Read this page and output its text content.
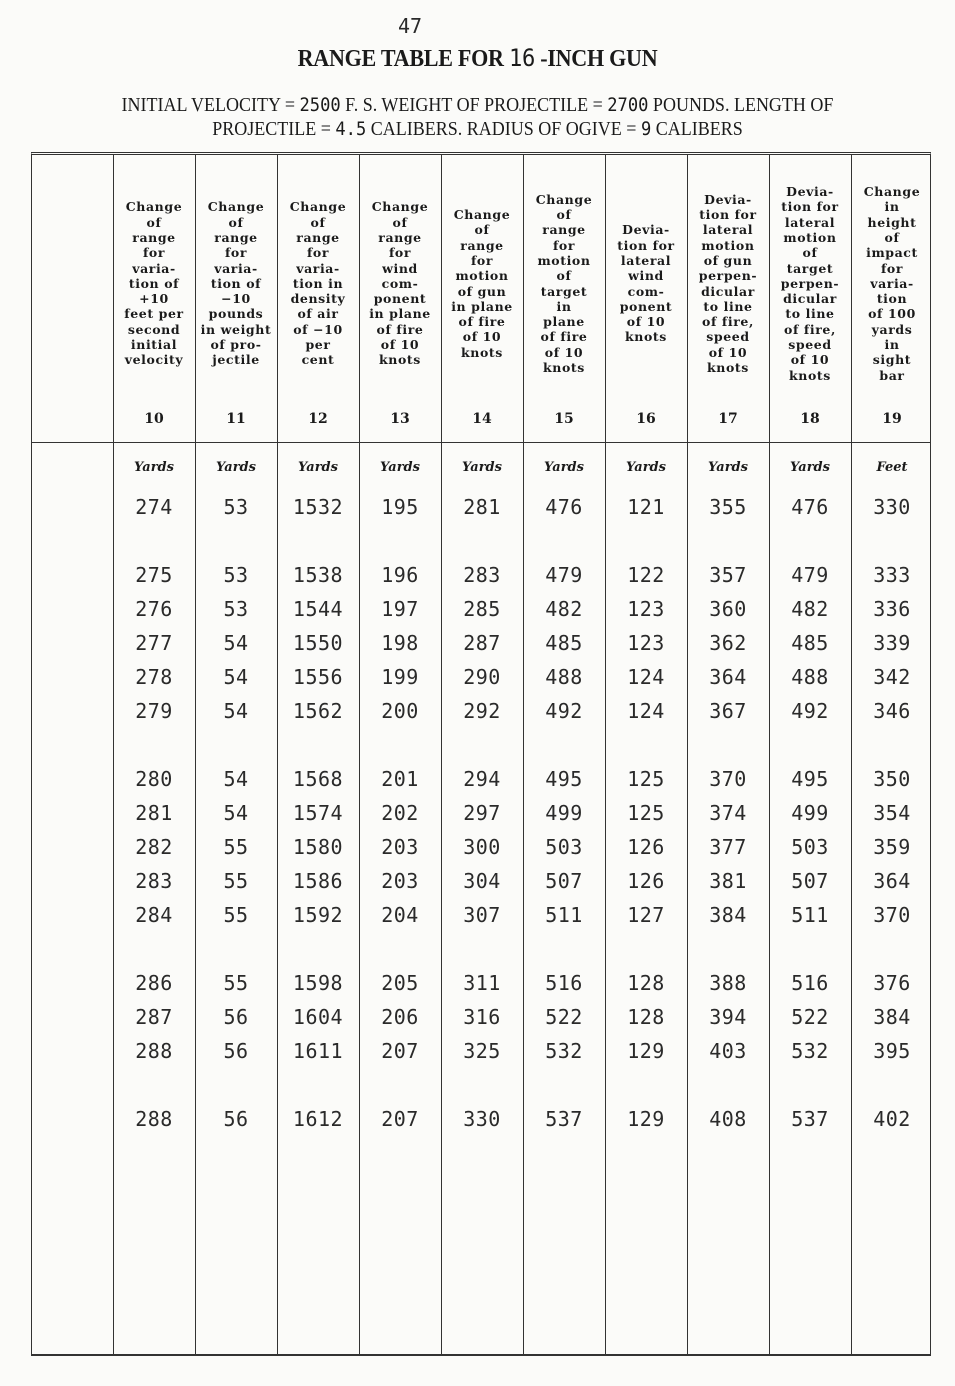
47
RANGE TABLE FOR 16 -INCH GUN
INITIAL VELOCITY = 2500 F. S. WEIGHT OF PROJECTILE = 2700 POUNDS. LENGTH OF
PROJECTILE = 4.5 CALIBERS. RADIUS OF OGIVE = 9 CALIBERS
Change
of
range
for
varia-
tion of
+10
feet per
second
initial
velocity
10
Yards
274
275
276
277
278
279
280
281
282
283
284
286
287
288
288
Change
of
range
for
varia-
tion of
−10
pounds
in weight
of pro-
jectile
11
Yards
53
53
53
54
54
54
54
54
55
55
55
55
56
56
56
Change
of
range
for
varia-
tion in
density
of air
of −10
per
cent
12
Yards
1532
1538
1544
1550
1556
1562
1568
1574
1580
1586
1592
1598
1604
1611
1612
Change
of
range
for
wind
com-
ponent
in plane
of fire
of 10
knots
13
Yards
195
196
197
198
199
200
201
202
203
203
204
205
206
207
207
Change
of
range
for
motion
of gun
in plane
of fire
of 10
knots
14
Yards
281
283
285
287
290
292
294
297
300
304
307
311
316
325
330
Change
of
range
for
motion
of
target
in
plane
of fire
of 10
knots
15
Yards
476
479
482
485
488
492
495
499
503
507
511
516
522
532
537
Devia-
tion for
lateral
wind
com-
ponent
of 10
knots
16
Yards
121
122
123
123
124
124
125
125
126
126
127
128
128
129
129
Devia-
tion for
lateral
motion
of gun
perpen-
dicular
to line
of fire,
speed
of 10
knots
17
Yards
355
357
360
362
364
367
370
374
377
381
384
388
394
403
408
Devia-
tion for
lateral
motion
of
target
perpen-
dicular
to line
of fire,
speed
of 10
knots
18
Yards
476
479
482
485
488
492
495
499
503
507
511
516
522
532
537
Change
in
height
of
impact
for
varia-
tion
of 100
yards
in
sight
bar
19
Feet
330
333
336
339
342
346
350
354
359
364
370
376
384
395
402
